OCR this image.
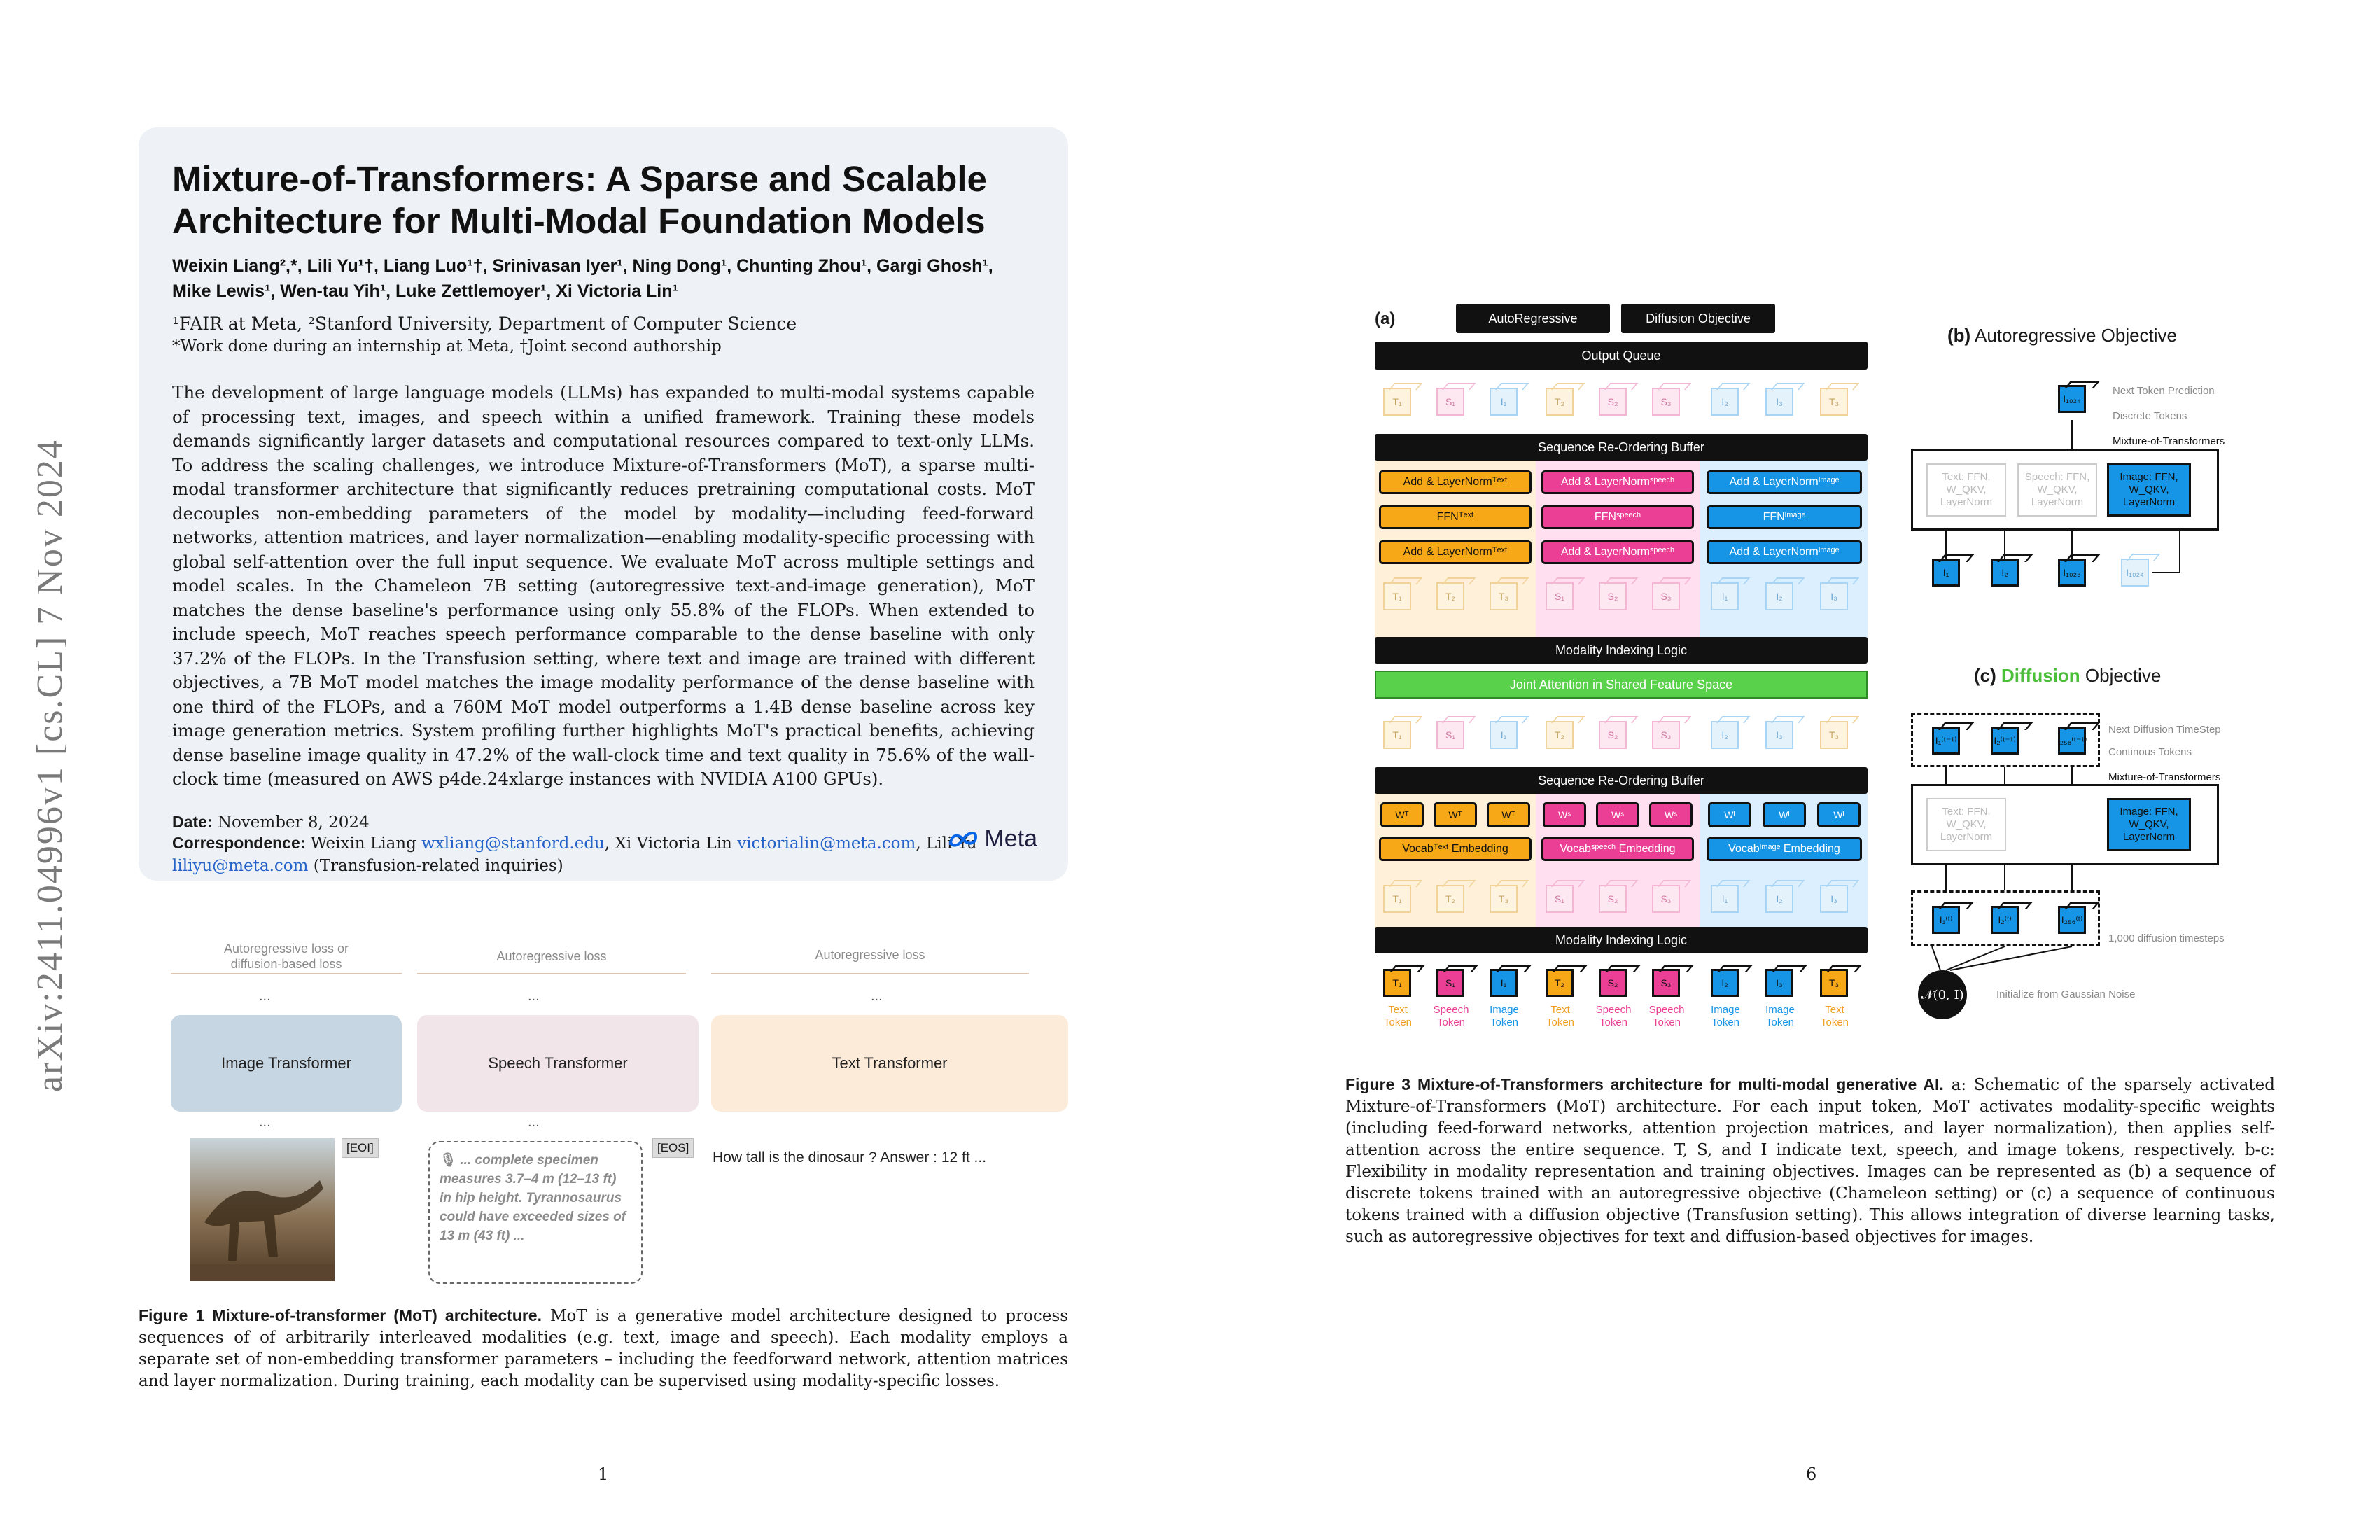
arXiv:2411.04996v1 [cs.CL] 7 Nov 2024
Mixture-of-Transformers: A Sparse and Scalable
Architecture for Multi-Modal Foundation Models
Weixin Liang²,*, Lili Yu¹†, Liang Luo¹†, Srinivasan Iyer¹, Ning Dong¹, Chunting Zhou¹, Gargi Ghosh¹,
Mike Lewis¹, Wen-tau Yih¹, Luke Zettlemoyer¹, Xi Victoria Lin¹
¹FAIR at Meta, ²Stanford University, Department of Computer Science
*Work done during an internship at Meta, †Joint second authorship
The development of large language models (LLMs) has expanded to multi-modal systems capable of processing text, images, and speech within a unified framework. Training these models demands significantly larger datasets and computational resources compared to text-only LLMs. To address the scaling challenges, we introduce Mixture-of-Transformers (MoT), a sparse multi-modal transformer architecture that significantly reduces pretraining computational costs. MoT decouples non-embedding parameters of the model by modality—including feed-forward networks, attention matrices, and layer normalization—enabling modality-specific processing with global self-attention over the full input sequence. We evaluate MoT across multiple settings and model scales. In the Chameleon 7B setting (autoregressive text-and-image generation), MoT matches the dense baseline's performance using only 55.8% of the FLOPs. When extended to include speech, MoT reaches speech performance comparable to the dense baseline with only 37.2% of the FLOPs. In the Transfusion setting, where text and image are trained with different objectives, a 7B MoT model matches the image modality performance of the dense baseline with one third of the FLOPs, and a 760M MoT model outperforms a 1.4B dense baseline across key image generation metrics. System profiling further highlights MoT's practical benefits, achieving dense baseline image quality in 47.2% of the wall-clock time and text quality in 75.6% of the wall-clock time (measured on AWS p4de.24xlarge instances with NVIDIA A100 GPUs).
Date: November 8, 2024
Correspondence: Weixin Liang wxliang@stanford.edu, Xi Victoria Lin victorialin@meta.com, Lili Yu liliyu@meta.com (Transfusion-related inquiries)
Meta
Autoregressive loss or diffusion-based loss
Autoregressive loss	Autoregressive loss
...	...	...
Image Transformer	Speech Transformer	Text Transformer
...	...
[EOI]
🎙 ... complete specimen measures 3.7–4 m (12–13 ft) in hip height. Tyrannosaurus could have exceeded sizes of 13 m (43 ft) ...
[EOS]
How tall is the dinosaur ? Answer : 12 ft ...
Figure 1 Mixture-of-transformer (MoT) architecture. MoT is a generative model architecture designed to process sequences of of arbitrarily interleaved modalities (e.g. text, image and speech). Each modality employs a separate set of non-embedding transformer parameters – including the feedforward network, attention matrices and layer normalization. During training, each modality can be supervised using modality-specific losses.
1
(a)	AutoRegressive	Diffusion Objective
Output Queue
T₁	S₁	I₁	T₂	S₂	S₃	I₂	I₃	T₃
Sequence Re-Ordering Buffer
Add & LayerNormᵀᵉˣᵗ	Add & LayerNormˢᵖᵉᵉᶜʰ	Add & LayerNormᴵᵐᵃᵍᵉ
FFNᵀᵉˣᵗ	FFNˢᵖᵉᵉᶜʰ	FFNᴵᵐᵃᵍᵉ
Add & LayerNormᵀᵉˣᵗ	Add & LayerNormˢᵖᵉᵉᶜʰ	Add & LayerNormᴵᵐᵃᵍᵉ
T₁	T₂	T₃	S₁	S₂	S₃	I₁	I₂	I₃
Modality Indexing Logic
Joint Attention in Shared Feature Space
T₁	S₁	I₁	T₂	S₂	S₃	I₂	I₃	T₃
Sequence Re-Ordering Buffer
Wᵀ	Wᵀ	Wᵀ	Wˢ	Wˢ	Wˢ	Wᴵ	Wᴵ	Wᴵ
Vocabᵀᵉˣᵗ Embedding	Vocabˢᵖᵉᵉᶜʰ Embedding	Vocabᴵᵐᵃᵍᵉ Embedding
T₁	T₂	T₃	S₁	S₂	S₃	I₁	I₂	I₃
Modality Indexing Logic
T₁	S₁	I₁	T₂	S₂	S₃	I₂	I₃	T₃
Text Token
Speech Token
Image Token
Text Token
Speech Token
Speech Token
Image Token
Image Token
Text Token
(b) Autoregressive Objective
I₁₀₂₄
Next Token Prediction
Discrete Tokens
Mixture-of-Transformers
Text: FFN, W_QKV, LayerNorm
Speech: FFN, W_QKV, LayerNorm
Image: FFN, W_QKV, LayerNorm
I₁	I₂	I₁₀₂₃	I₁₀₂₄
(c) Diffusion Objective
I₁⁽ᵗ⁻¹⁾	I₂⁽ᵗ⁻¹⁾	I₂₅₆⁽ᵗ⁻¹⁾
Next Diffusion TimeStep
Continous Tokens
Mixture-of-Transformers
Text: FFN, W_QKV, LayerNorm
Image: FFN, W_QKV, LayerNorm
I₁⁽ᵗ⁾	I₂⁽ᵗ⁾	I₂₅₆⁽ᵗ⁾
1,000 diffusion timesteps
𝒩(0, I)	Initialize from Gaussian Noise
Figure 3 Mixture-of-Transformers architecture for multi-modal generative AI. a: Schematic of the sparsely activated Mixture-of-Transformers (MoT) architecture. For each input token, MoT activates modality-specific weights (including feed-forward networks, attention projection matrices, and layer normalization), then applies self-attention across the entire sequence. T, S, and I indicate text, speech, and image tokens, respectively. b-c: Flexibility in modality representation and training objectives. Images can be represented as (b) a sequence of discrete tokens trained with an autoregressive objective (Chameleon setting) or (c) a sequence of continuous tokens trained with a diffusion objective (Transfusion setting). This allows integration of diverse learning tasks, such as autoregressive objectives for text and diffusion-based objectives for images.
6
